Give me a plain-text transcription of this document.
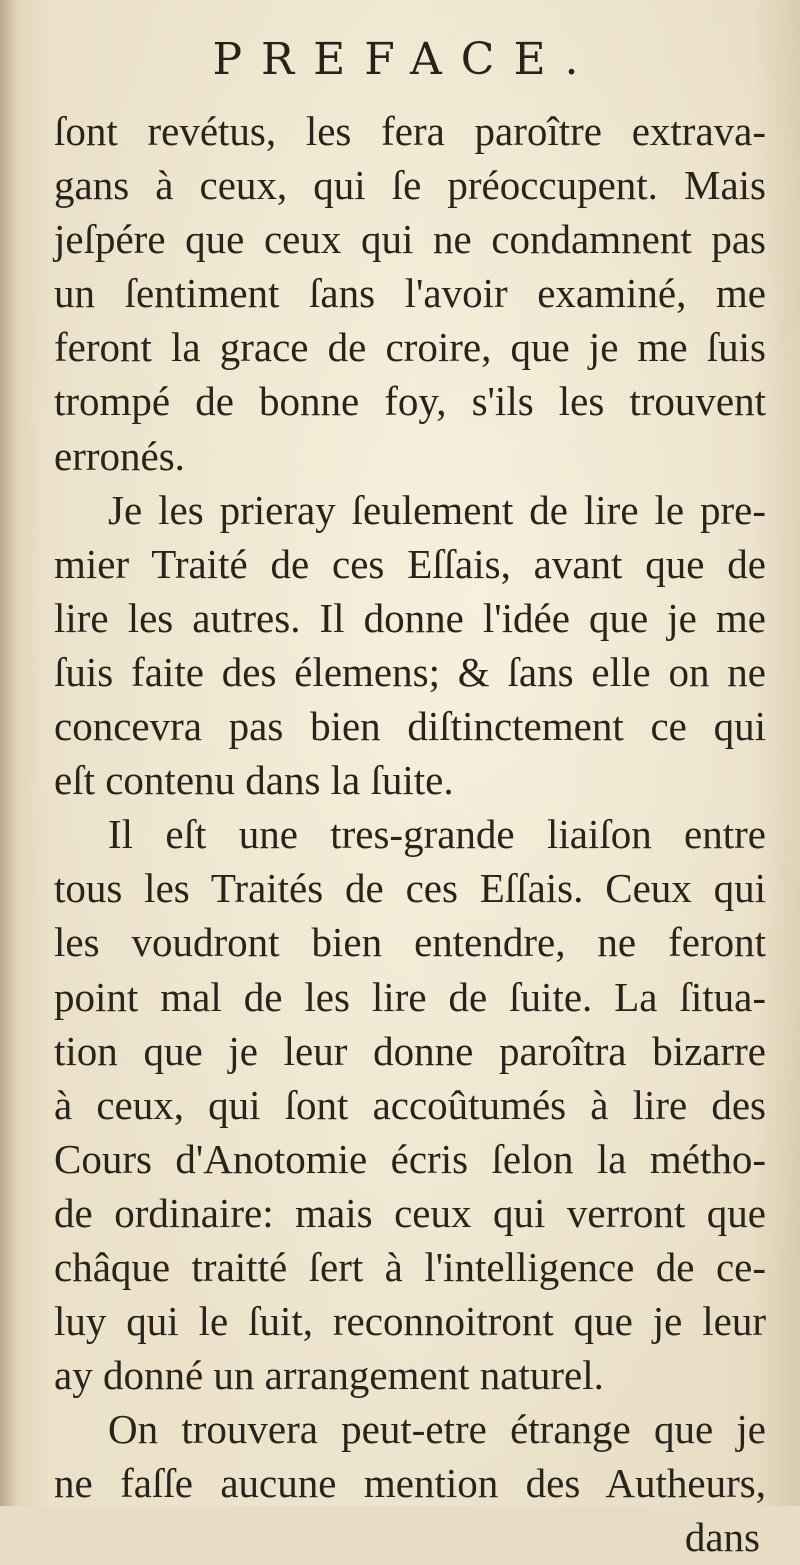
PREFACE.
ſont revétus, les fera paroître extrava-
gans à ceux, qui ſe préoccupent. Mais
jeſpére que ceux qui ne condamnent pas
un ſentiment ſans l'avoir examiné, me
feront la grace de croire, que je me ſuis
trompé de bonne foy, s'ils les trouvent
erronés.
Je les prieray ſeulement de lire le pre-
mier Traité de ces Eſſais, avant que de
lire les autres. Il donne l'idée que je me
ſuis faite des élemens; & ſans elle on ne
concevra pas bien diſtinctement ce qui
eſt contenu dans la ſuite.
Il eſt une tres-grande liaiſon entre
tous les Traités de ces Eſſais. Ceux qui
les voudront bien entendre, ne feront
point mal de les lire de ſuite. La ſitua-
tion que je leur donne paroîtra bizarre
à ceux, qui ſont accoûtumés à lire des
Cours d'Anotomie écris ſelon la métho-
de ordinaire: mais ceux qui verront que
châque traitté ſert à l'intelligence de ce-
luy qui le ſuit, reconnoitront que je leur
ay donné un arrangement naturel.
On trouvera peut-etre étrange que je
ne faſſe aucune mention des Autheurs,
dans
